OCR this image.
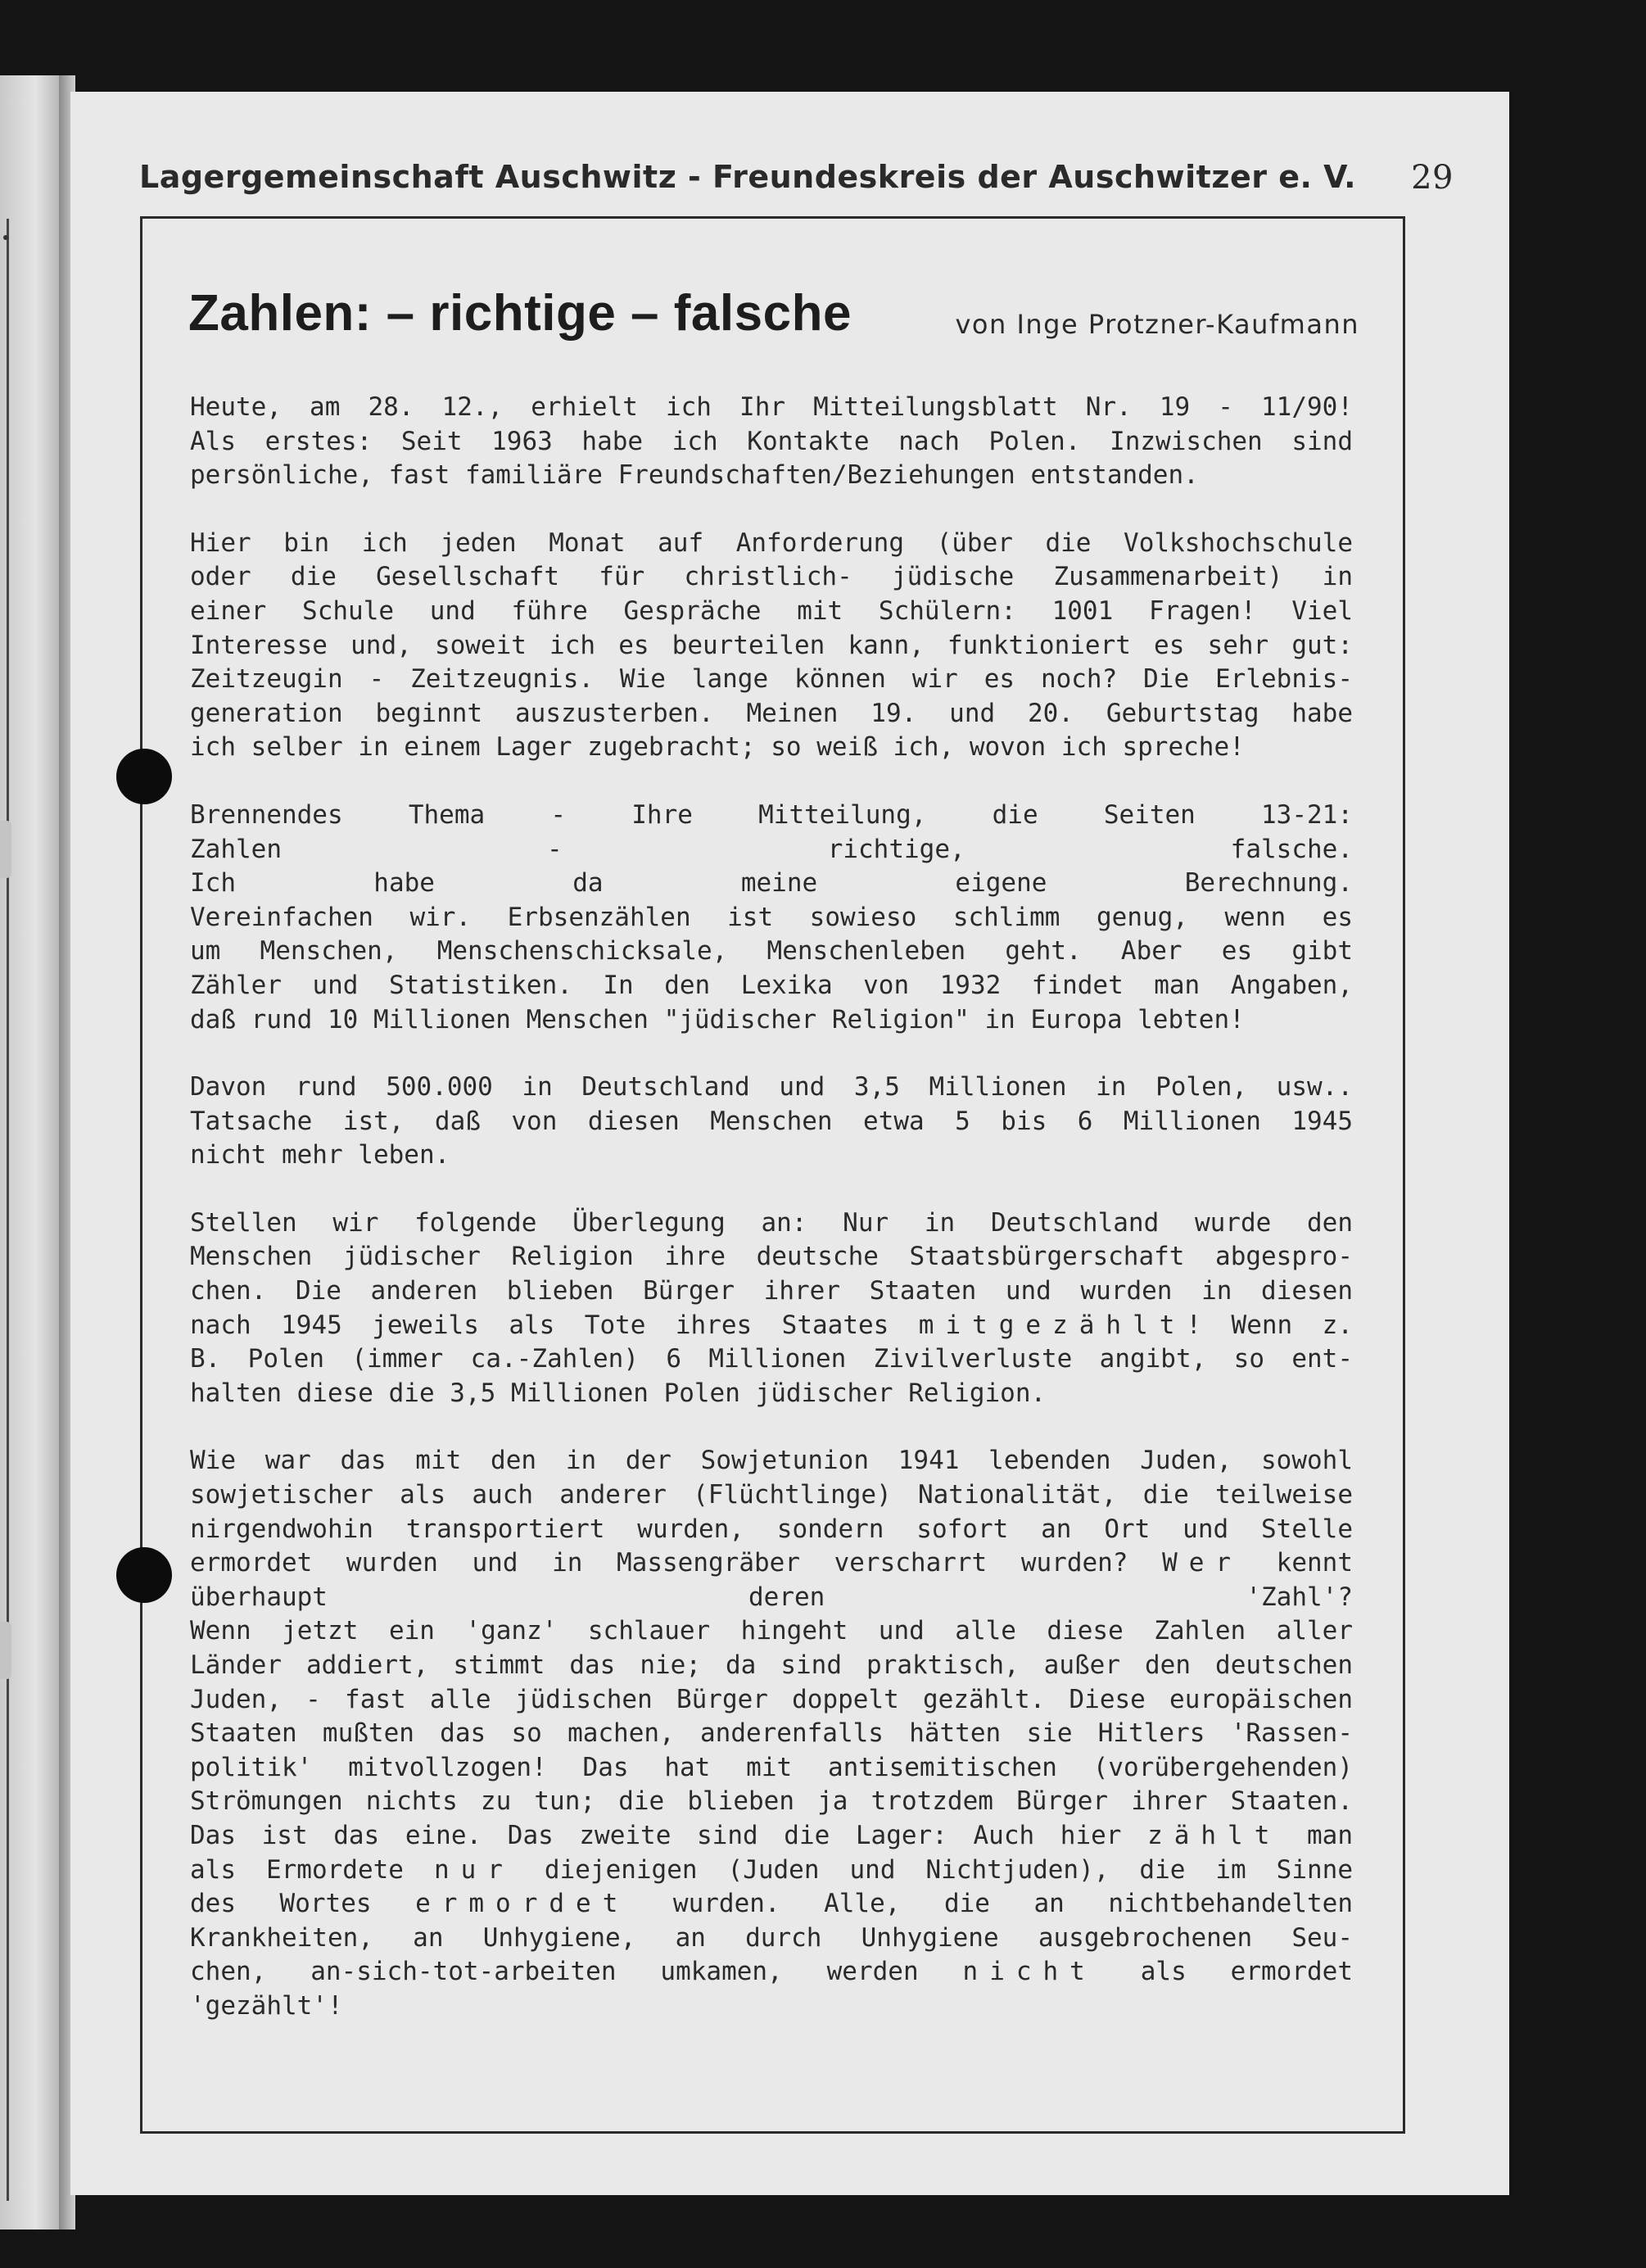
Lagergemeinschaft Auschwitz - Freundeskreis der Auschwitzer e. V. 29
Zahlen: – richtige – falsche	von Inge Protzner-Kaufmann
Heute, am 28. 12., erhielt ich Ihr Mitteilungsblatt Nr. 19 - 11/90!
Als erstes: Seit 1963 habe ich Kontakte nach Polen. Inzwischen sind
persönliche, fast familiäre Freundschaften/Beziehungen entstanden.
Hier bin ich jeden Monat auf Anforderung (über die Volkshochschule
oder die Gesellschaft für christlich- jüdische Zusammenarbeit) in
einer Schule und führe Gespräche mit Schülern: 1001 Fragen! Viel
Interesse und, soweit ich es beurteilen kann, funktioniert es sehr gut:
Zeitzeugin - Zeitzeugnis. Wie lange können wir es noch? Die Erlebnis-
generation beginnt auszusterben. Meinen 19. und 20. Geburtstag habe
ich selber in einem Lager zugebracht; so weiß ich, wovon ich spreche!
Brennendes Thema - Ihre Mitteilung, die Seiten 13-21:
Zahlen - richtige, falsche.
Ich habe da meine eigene Berechnung.
Vereinfachen wir. Erbsenzählen ist sowieso schlimm genug, wenn es
um Menschen, Menschenschicksale, Menschenleben geht. Aber es gibt
Zähler und Statistiken. In den Lexika von 1932 findet man Angaben,
daß rund 10 Millionen Menschen "jüdischer Religion" in Europa lebten!
Davon rund 500.000 in Deutschland und 3,5 Millionen in Polen, usw..
Tatsache ist, daß von diesen Menschen etwa 5 bis 6 Millionen 1945
nicht mehr leben.
Stellen wir folgende Überlegung an: Nur in Deutschland wurde den
Menschen jüdischer Religion ihre deutsche Staatsbürgerschaft abgespro-
chen. Die anderen blieben Bürger ihrer Staaten und wurden in diesen
nach 1945 jeweils als Tote ihres Staates mitgezählt! Wenn z.
B. Polen (immer ca.-Zahlen) 6 Millionen Zivilverluste angibt, so ent-
halten diese die 3,5 Millionen Polen jüdischer Religion.
Wie war das mit den in der Sowjetunion 1941 lebenden Juden, sowohl
sowjetischer als auch anderer (Flüchtlinge) Nationalität, die teilweise
nirgendwohin transportiert wurden, sondern sofort an Ort und Stelle
ermordet wurden und in Massengräber verscharrt wurden? Wer kennt
überhaupt deren 'Zahl'?
Wenn jetzt ein 'ganz' schlauer hingeht und alle diese Zahlen aller
Länder addiert, stimmt das nie; da sind praktisch, außer den deutschen
Juden, - fast alle jüdischen Bürger doppelt gezählt. Diese europäischen
Staaten mußten das so machen, anderenfalls hätten sie Hitlers 'Rassen-
politik' mitvollzogen! Das hat mit antisemitischen (vorübergehenden)
Strömungen nichts zu tun; die blieben ja trotzdem Bürger ihrer Staaten.
Das ist das eine. Das zweite sind die Lager: Auch hier zählt man
als Ermordete nur diejenigen (Juden und Nichtjuden), die im Sinne
des Wortes ermordet wurden. Alle, die an nichtbehandelten
Krankheiten, an Unhygiene, an durch Unhygiene ausgebrochenen Seu-
chen, an-sich-tot-arbeiten umkamen, werden nicht als ermordet
'gezählt'!
